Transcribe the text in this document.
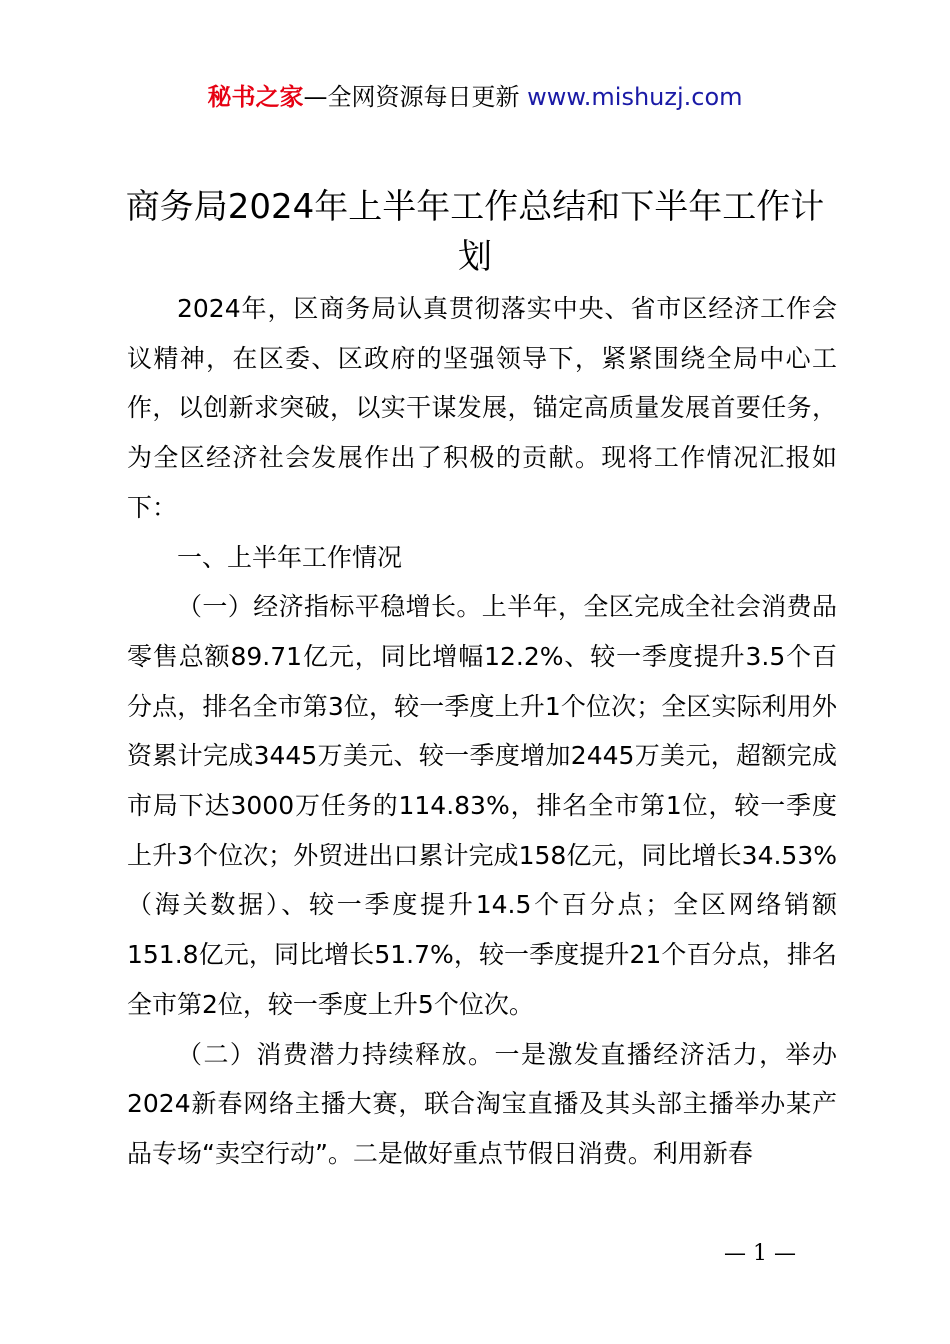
秘书之家—全网资源每日更新 www.mishuzj.com
商务局2024年上半年工作总结和下半年工作计划

2024年，区商务局认真贯彻落实中央、省市区经济工作会议精神，在区委、区政府的坚强领导下，紧紧围绕全局中心工作，以创新求突破，以实干谋发展，锚定高质量发展首要任务，为全区经济社会发展作出了积极的贡献。现将工作情况汇报如下：

一、上半年工作情况

（一）经济指标平稳增长。上半年，全区完成全社会消费品零售总额89.71亿元，同比增幅12.2%、较一季度提升3.5个百分点，排名全市第3位，较一季度上升1个位次；全区实际利用外资累计完成3445万美元、较一季度增加2445万美元，超额完成市局下达3000万任务的114.83%，排名全市第1位，较一季度上升3个位次；外贸进出口累计完成158亿元，同比增长34.53%（海关数据）、较一季度提升14.5个百分点；全区网络销额151.8亿元，同比增长51.7%，较一季度提升21个百分点，排名全市第2位，较一季度上升5个位次。

（二）消费潜力持续释放。一是激发直播经济活力，举办2024新春网络主播大赛，联合淘宝直播及其头部主播举办某产品专场“卖空行动”。二是做好重点节假日消费。利用新春

— 1 —
